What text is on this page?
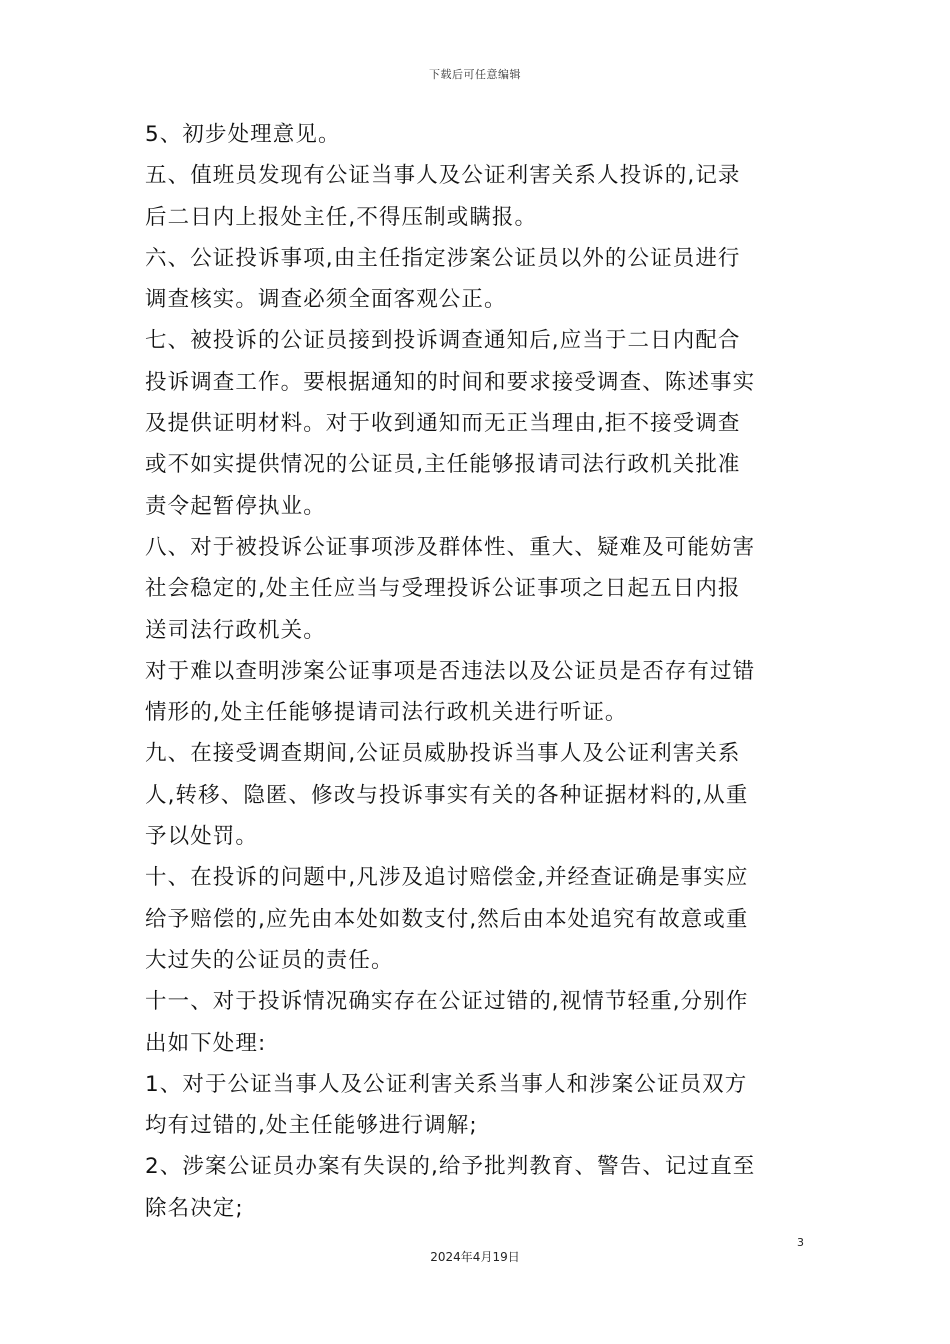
下载后可任意编辑
5、初步处理意见。
五、值班员发现有公证当事人及公证利害关系人投诉的,记录
后二日内上报处主任,不得压制或瞒报。
六、公证投诉事项,由主任指定涉案公证员以外的公证员进行
调查核实。调查必须全面客观公正。
七、被投诉的公证员接到投诉调查通知后,应当于二日内配合
投诉调查工作。要根据通知的时间和要求接受调查、陈述事实
及提供证明材料。对于收到通知而无正当理由,拒不接受调查
或不如实提供情况的公证员,主任能够报请司法行政机关批准
责令起暂停执业。
八、对于被投诉公证事项涉及群体性、重大、疑难及可能妨害
社会稳定的,处主任应当与受理投诉公证事项之日起五日内报
送司法行政机关。
对于难以查明涉案公证事项是否违法以及公证员是否存有过错
情形的,处主任能够提请司法行政机关进行听证。
九、在接受调查期间,公证员威胁投诉当事人及公证利害关系
人,转移、隐匿、修改与投诉事实有关的各种证据材料的,从重
予以处罚。
十、在投诉的问题中,凡涉及追讨赔偿金,并经查证确是事实应
给予赔偿的,应先由本处如数支付,然后由本处追究有故意或重
大过失的公证员的责任。
十一、对于投诉情况确实存在公证过错的,视情节轻重,分别作
出如下处理:
1、对于公证当事人及公证利害关系当事人和涉案公证员双方
均有过错的,处主任能够进行调解;
2、涉案公证员办案有失误的,给予批判教育、警告、记过直至
除名决定;
3
2024年4月19日
